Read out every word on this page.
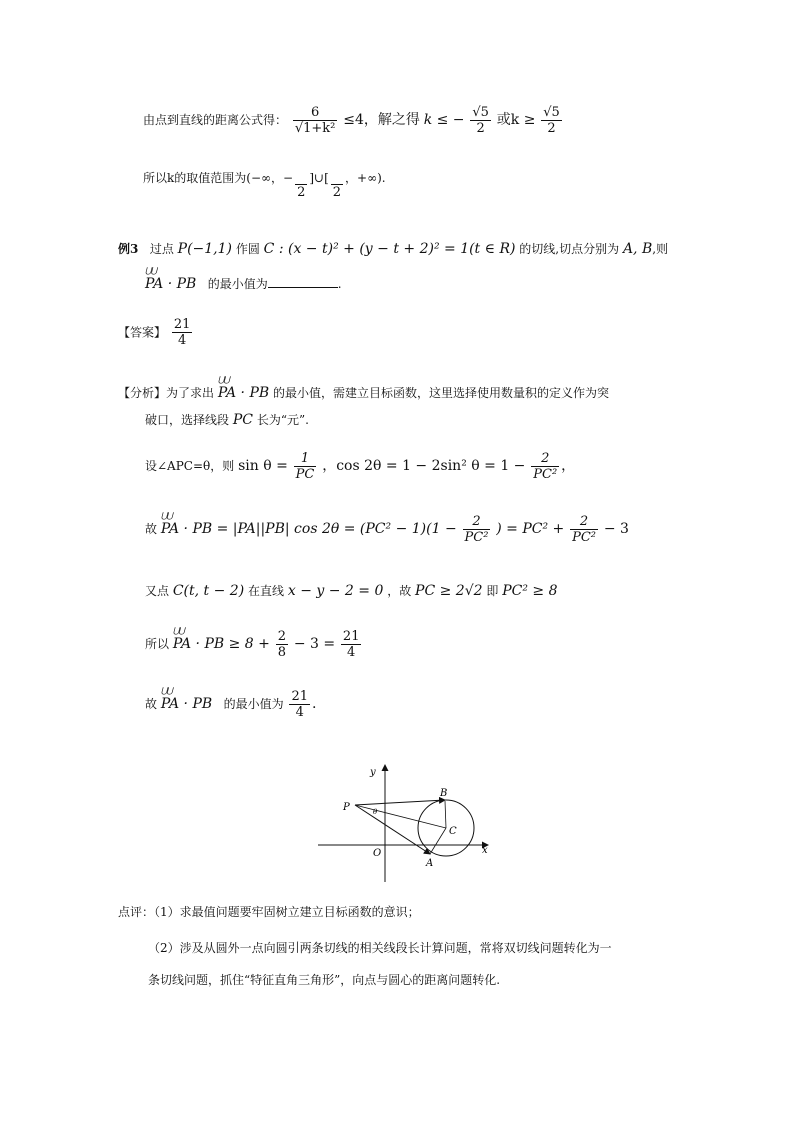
由点到直线的距离公式得： $\frac{6}{\text{√1+k²}} \le 4$，解之得 k ≤ − $\frac{√5}{2}$ 或$k \ge \frac{√5}{2}$
所以k的取值范围为(−∞，−
2
]∪[
2
，+∞).
例3 过点 P(−1,1) 作圆 C : (x − t)² + (y − t + 2)² = 1(t ∈ R) 的切线,切点分别为 A, B,则
⋃⋃ PA · PB 的最小值为	.
【答案】 $\frac{21}{4}$
【分析】为了求出 ⋃⋃ PA · PB 的最小值，需建立目标函数，这里选择使用数量积的定义作为突
破口，选择线段 PC 长为“元”.
设∠APC=θ，则 $\sin \theta = \frac{1}{PC}$ ，cos 2θ = 1 − 2sin² $\theta = 1 - \frac{2}{\text{PC²}}$ ，
故 ⋃⋃ PA · PB = |PA||PB| $\cos 2\theta = (PC^2 - 1)(1 - \frac{2}{\text{PC²}}$ ) = $PC^2 + \frac{2}{\text{PC²}} - 3$
又点 C(t, t − 2) 在直线 x − y − 2 = 0 ，故 PC ≥ 2√2 即 PC² ≥ 8
所以 ⋃⋃ PA · PB ≥ $8 + \frac{2}{8} - 3 = \frac{21}{4}$
故 ⋃⋃ PA · PB 的最小值为 $\frac{21}{4}$ .
y
x
O
P
B
C
A
θ
点评：（1）求最值问题要牢固树立建立目标函数的意识；
（2）涉及从圆外一点向圆引两条切线的相关线段长计算问题，常将双切线问题转化为一
条切线问题，抓住“特征直角三角形”，向点与圆心的距离问题转化.
